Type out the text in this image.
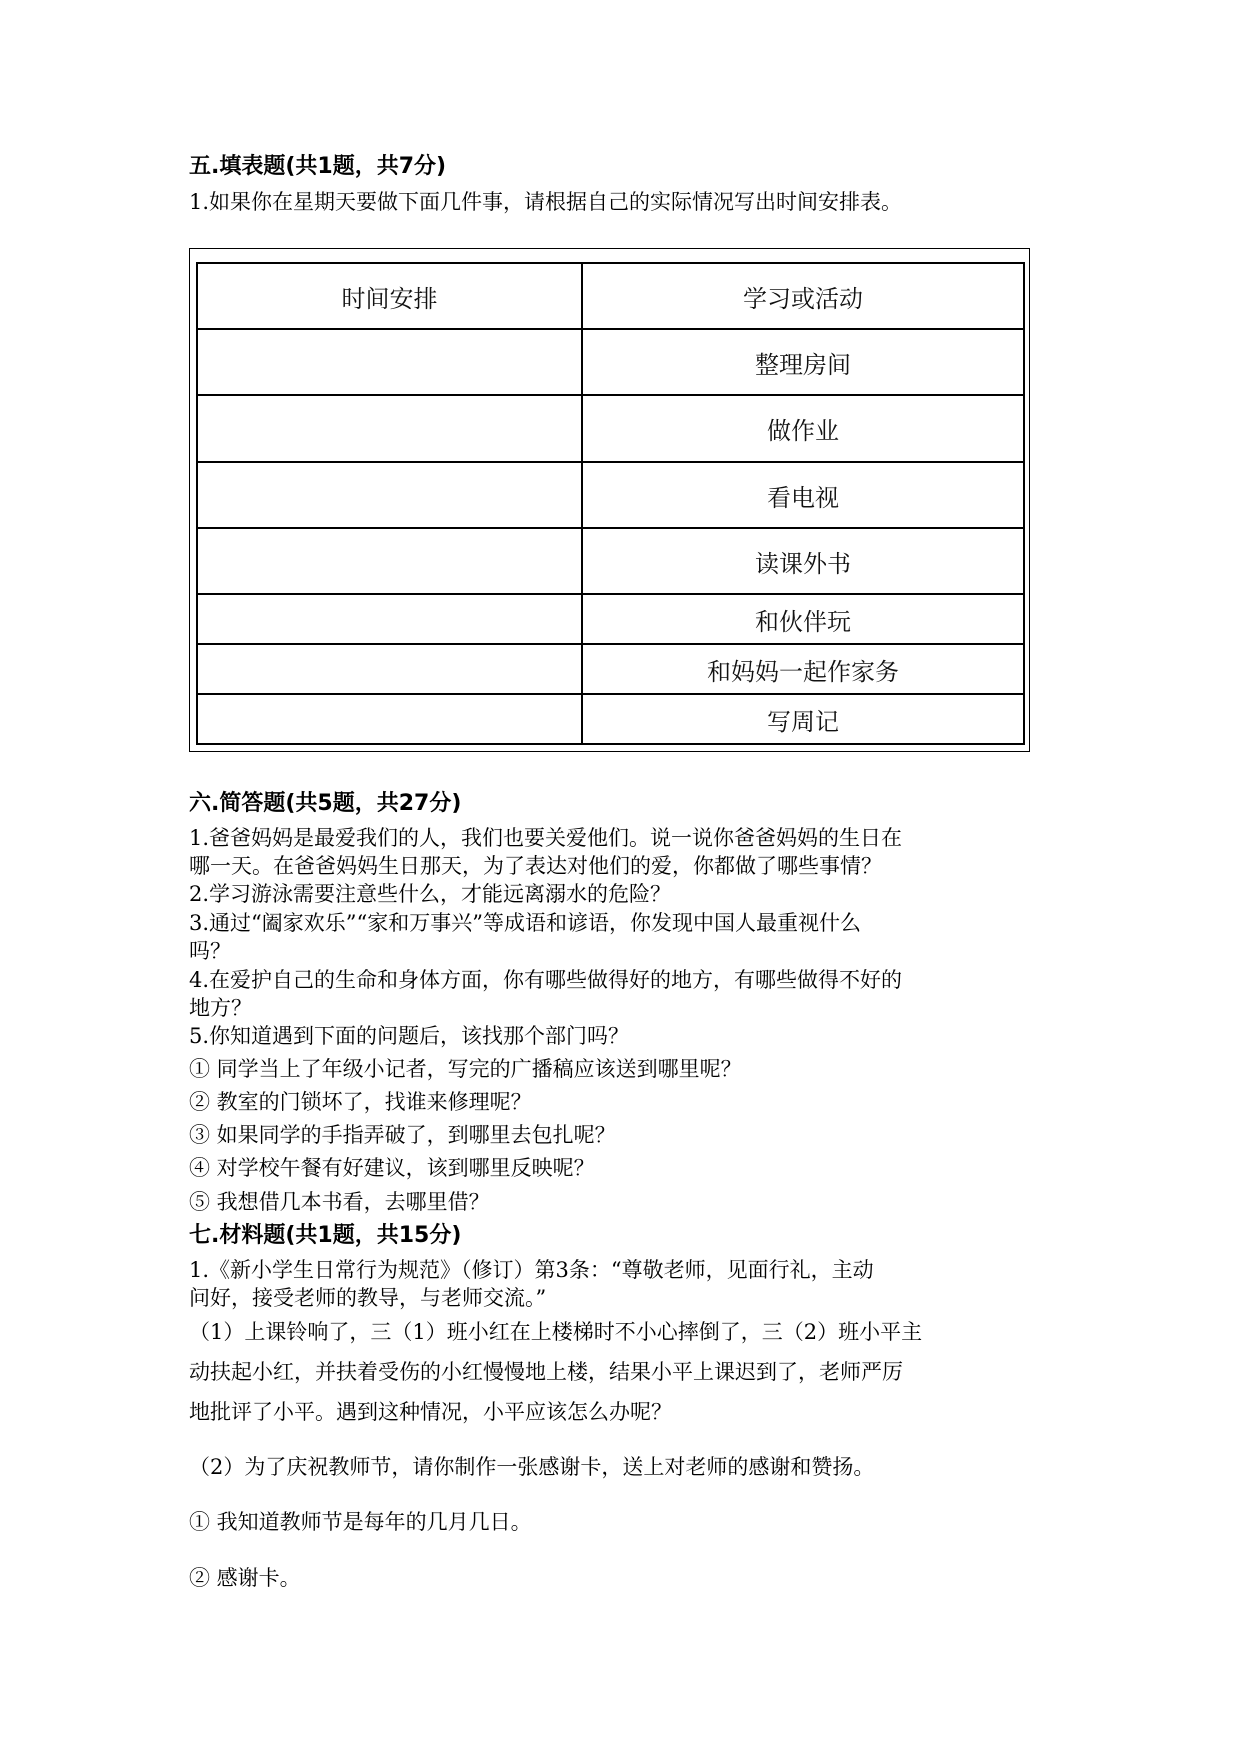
五.填表题(共1题，共7分)
1.如果你在星期天要做下面几件事，请根据自己的实际情况写出时间安排表。
时间安排	学习或活动
	整理房间
	做作业
	看电视
	读课外书
	和伙伴玩
	和妈妈一起作家务
	写周记
六.简答题(共5题，共27分)
1.爸爸妈妈是最爱我们的人，我们也要关爱他们。说一说你爸爸妈妈的生日在
哪一天。在爸爸妈妈生日那天，为了表达对他们的爱，你都做了哪些事情？
2.学习游泳需要注意些什么，才能远离溺水的危险？
3.通过“阖家欢乐”“家和万事兴”等成语和谚语，你发现中国人最重视什么
吗？
4.在爱护自己的生命和身体方面，你有哪些做得好的地方，有哪些做得不好的
地方？
5.你知道遇到下面的问题后，该找那个部门吗？
① 同学当上了年级小记者，写完的广播稿应该送到哪里呢？
② 教室的门锁坏了，找谁来修理呢？
③ 如果同学的手指弄破了，到哪里去包扎呢？
④ 对学校午餐有好建议，该到哪里反映呢？
⑤ 我想借几本书看，去哪里借？
七.材料题(共1题，共15分)
1.《新小学生日常行为规范》（修订）第3条：“尊敬老师，见面行礼，主动
问好，接受老师的教导，与老师交流。”
（1）上课铃响了，三（1）班小红在上楼梯时不小心摔倒了，三（2）班小平主
动扶起小红，并扶着受伤的小红慢慢地上楼，结果小平上课迟到了，老师严厉
地批评了小平。遇到这种情况，小平应该怎么办呢？
（2）为了庆祝教师节，请你制作一张感谢卡，送上对老师的感谢和赞扬。
① 我知道教师节是每年的几月几日。
② 感谢卡。
